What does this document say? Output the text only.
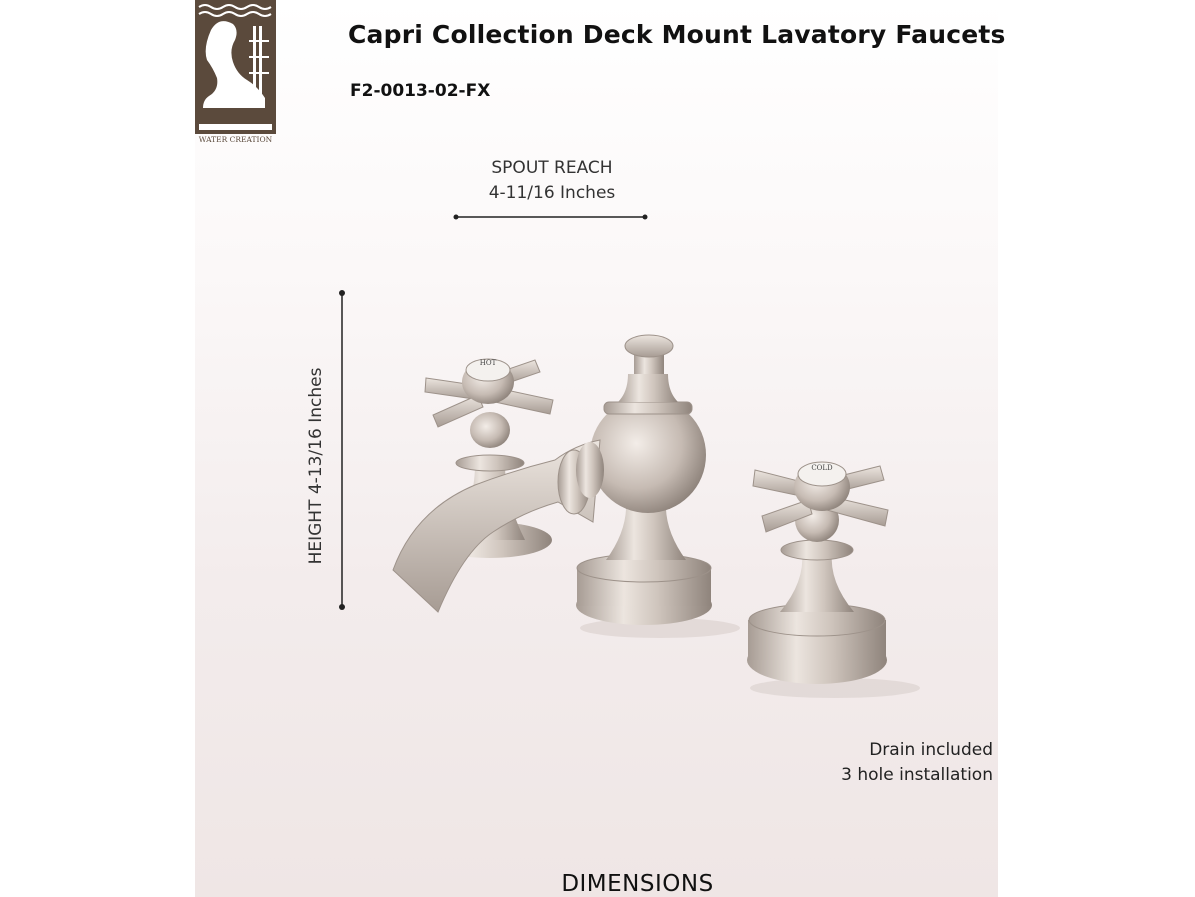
WATER CREATION
Capri Collection Deck Mount Lavatory Faucets
F2-0013-02-FX
SPOUT REACH
4-11/16 Inches
HEIGHT 4-13/16 Inches
HOT
COLD
Drain included
3 hole installation
DIMENSIONS
